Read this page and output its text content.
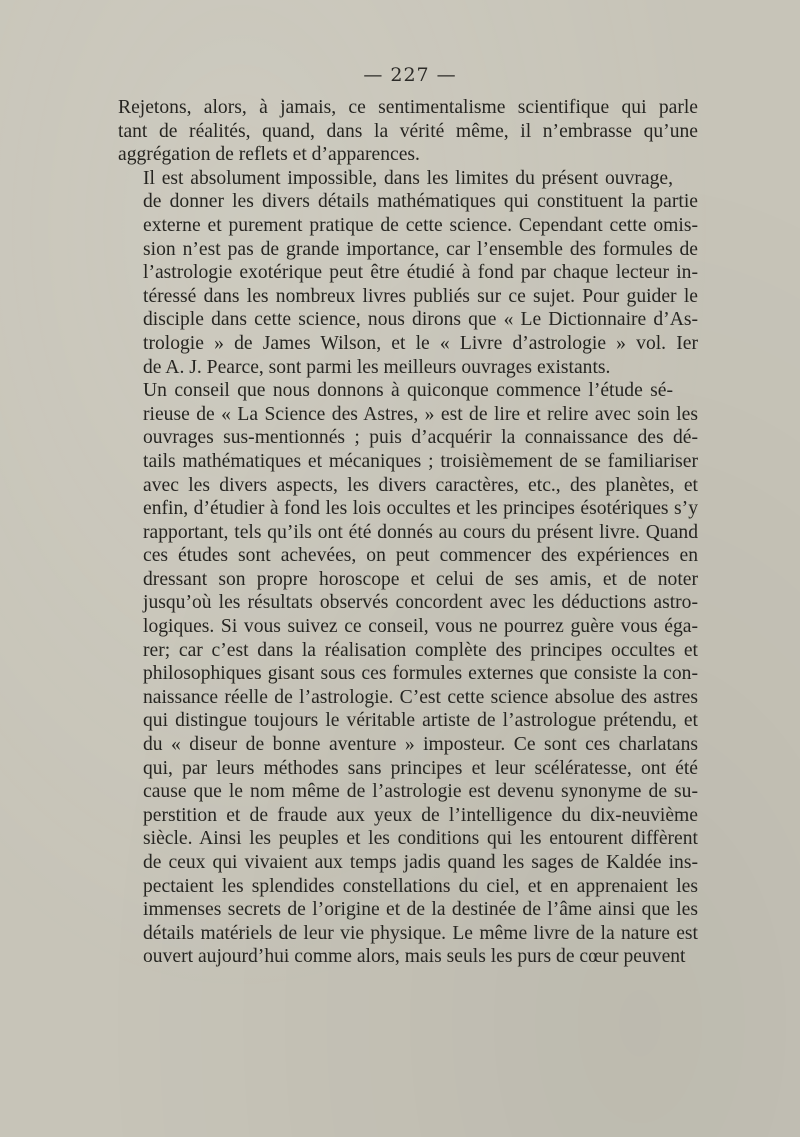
— 227 —

Rejetons, alors, à jamais, ce sentimentalisme scientifique qui parle
tant de réalités, quand, dans la vérité même, il n’embrasse qu’une
aggrégation de reflets et d’apparences.

Il est absolument impossible, dans les limites du présent ouvrage,
de donner les divers détails mathématiques qui constituent la partie
externe et purement pratique de cette science. Cependant cette omis-
sion n’est pas de grande importance, car l’ensemble des formules de
l’astrologie exotérique peut être étudié à fond par chaque lecteur in-
téressé dans les nombreux livres publiés sur ce sujet. Pour guider le
disciple dans cette science, nous dirons que « Le Dictionnaire d’As-
trologie » de James Wilson, et le « Livre d’astrologie » vol. Ier
de A. J. Pearce, sont parmi les meilleurs ouvrages existants.

Un conseil que nous donnons à quiconque commence l’étude sé-
rieuse de « La Science des Astres, » est de lire et relire avec soin les
ouvrages sus-mentionnés ; puis d’acquérir la connaissance des dé-
tails mathématiques et mécaniques ; troisièmement de se familiariser
avec les divers aspects, les divers caractères, etc., des planètes, et
enfin, d’étudier à fond les lois occultes et les principes ésotériques s’y
rapportant, tels qu’ils ont été donnés au cours du présent livre. Quand
ces études sont achevées, on peut commencer des expériences en
dressant son propre horoscope et celui de ses amis, et de noter
jusqu’où les résultats observés concordent avec les déductions astro-
logiques. Si vous suivez ce conseil, vous ne pourrez guère vous éga-
rer; car c’est dans la réalisation complète des principes occultes et
philosophiques gisant sous ces formules externes que consiste la con-
naissance réelle de l’astrologie. C’est cette science absolue des astres
qui distingue toujours le véritable artiste de l’astrologue prétendu, et
du « diseur de bonne aventure » imposteur. Ce sont ces charlatans
qui, par leurs méthodes sans principes et leur scélératesse, ont été
cause que le nom même de l’astrologie est devenu synonyme de su-
perstition et de fraude aux yeux de l’intelligence du dix-neuvième
siècle. Ainsi les peuples et les conditions qui les entourent diffèrent
de ceux qui vivaient aux temps jadis quand les sages de Kaldée ins-
pectaient les splendides constellations du ciel, et en apprenaient les
immenses secrets de l’origine et de la destinée de l’âme ainsi que les
détails matériels de leur vie physique. Le même livre de la nature est
ouvert aujourd’hui comme alors, mais seuls les purs de cœur peuvent
